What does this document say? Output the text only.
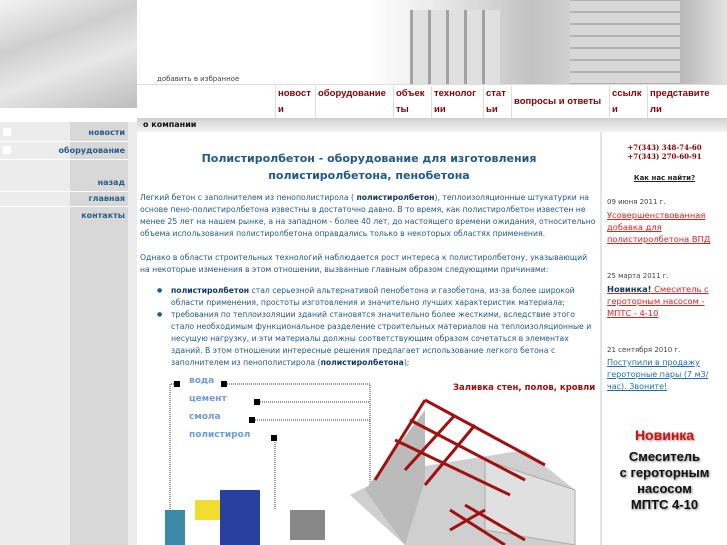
добавить в избранное
новости
оборудование	объекты
технологии
статьи
вопросы и ответы
ссылки
представители
о компании
новости
оборудование
назад
главная
контакты
Полистиролбетон - оборудование для изготовления полистиролбетона, пенобетона

Легкий бетон с заполнителем из пенополистирола ( полистиролбетон), теплоизоляционные штукатурки на основе пено-полистиролбетона известны в достаточно давно. В то время, как полистиролбетон известен не менее 25 лет на нашем рынке, а на западном - более 40 лет, до настоящего времени ожидания, относительно объема использования полистиролбетона оправдались только в некоторых областях применения.

Однако в области строительных технологий наблюдается рост интереса к полистиролбетону, указывающий на некоторые изменения в этом отношении, вызванные главным образом следующими причинами:

● полистиролбетон стал серьезной альтернативой пенобетона и газобетона, из-за более широкой области применения, простоты изготовления и значительно лучших характеристик материала;
● требования по теплоизоляции зданий становятся значительно более жесткими, вследствие этого стало необходимым функциональное разделение строительных материалов на теплоизоляционные и несущую нагрузку, и эти материалы должны соответствующим образом сочетаться в элементах зданий. В этом отношении интересные решения предлагает использование легкого бетона с заполнителем из пенополистирола (полистиролбетона);
вода
цемент
смола
полистирол
Заливка стен, полов, кровли
+7(343) 348-74-60
+7(343) 270-60-91
Как нас найти?
09 июня 2011 г.
Усовершенствованная добавка для полистиролбетона ВПД
25 марта 2011 г.
Новинка! Смеситель с героторным насосом - МПТС - 4-10
21 сентября 2010 г.
Поступили в продажу героторные пары (7 м3/час). Звоните!
Новинка
Смеситель
с героторным
насосом
МПТС 4-10
